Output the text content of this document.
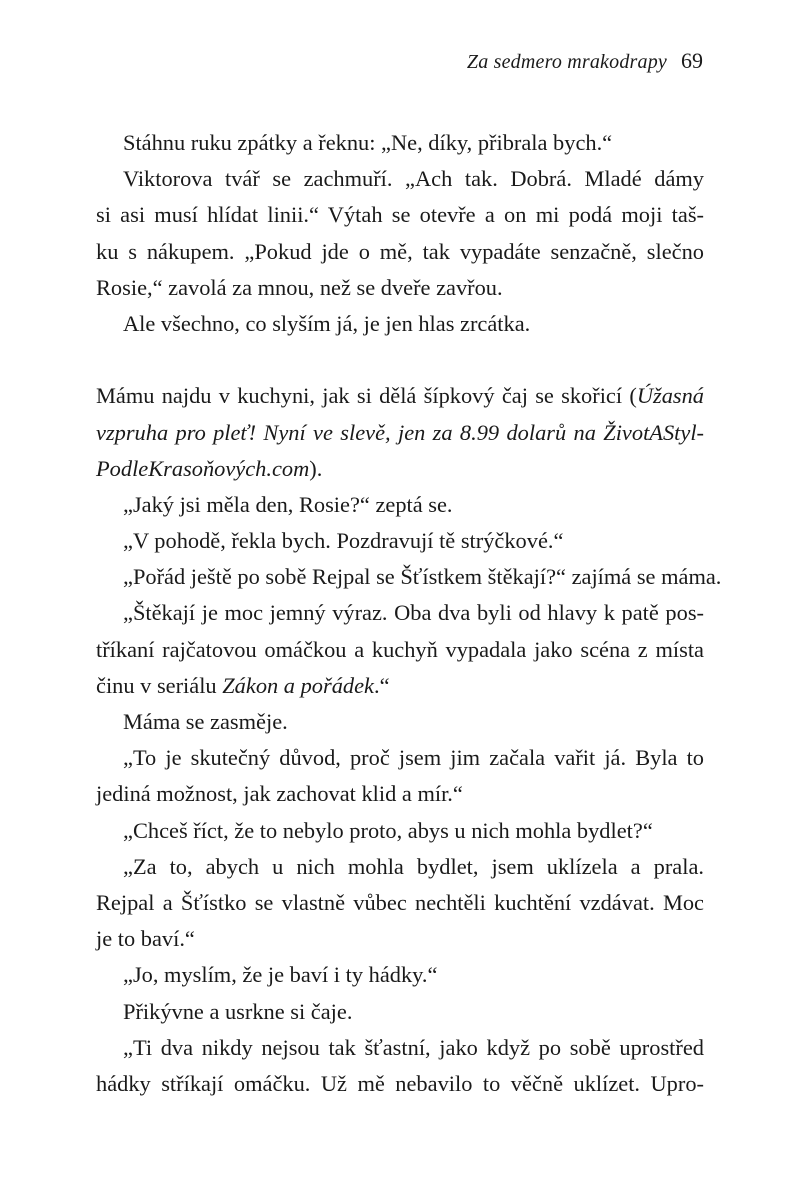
Za sedmero mrakodrapy 69
Stáhnu ruku zpátky a řeknu: „Ne, díky, přibrala bych.“
Viktorova tvář se zachmuří. „Ach tak. Dobrá. Mladé dámy
si asi musí hlídat linii.“ Výtah se otevře a on mi podá moji taš-
ku s nákupem. „Pokud jde o mě, tak vypadáte senzačně, slečno
Rosie,“ zavolá za mnou, než se dveře zavřou.
Ale všechno, co slyším já, je jen hlas zrcátka.
Mámu najdu v kuchyni, jak si dělá šípkový čaj se skořicí (Úžasná
vzpruha pro pleť! Nyní ve slevě, jen za 8.99 dolarů na ŽivotAStyl-
PodleKrasoňových.com).
„Jaký jsi měla den, Rosie?“ zeptá se.
„V pohodě, řekla bych. Pozdravují tě strýčkové.“
„Pořád ještě po sobě Rejpal se Šťístkem štěkají?“ zajímá se máma.
„Štěkají je moc jemný výraz. Oba dva byli od hlavy k patě pos-
tříkaní rajčatovou omáčkou a kuchyň vypadala jako scéna z místa
činu v seriálu Zákon a pořádek.“
Máma se zasměje.
„To je skutečný důvod, proč jsem jim začala vařit já. Byla to
jediná možnost, jak zachovat klid a mír.“
„Chceš říct, že to nebylo proto, abys u nich mohla bydlet?“
„Za to, abych u nich mohla bydlet, jsem uklízela a prala.
Rejpal a Šťístko se vlastně vůbec nechtěli kuchtění vzdávat. Moc
je to baví.“
„Jo, myslím, že je baví i ty hádky.“
Přikývne a usrkne si čaje.
„Ti dva nikdy nejsou tak šťastní, jako když po sobě uprostřed
hádky stříkají omáčku. Už mě nebavilo to věčně uklízet. Upro-
